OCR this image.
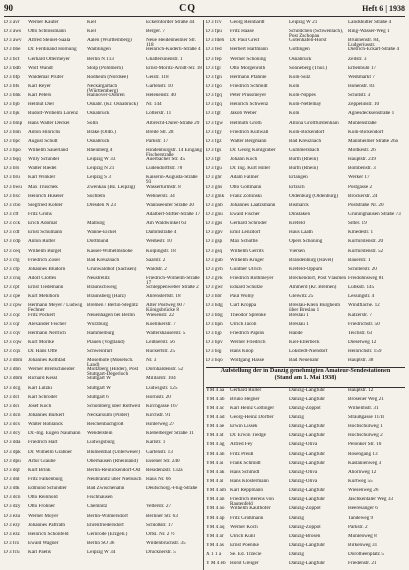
90	CQ	Heft 6 | 1938
D 3 avr	Werner Kauter	Kiel	Eckernförder Straße 44
D 3 aws	Otto Schlossmann	Kiel	Berger. 7
D 3 awv	Alfred Steinel-Saala	Aalen (Württemberg)	Neue Heidenheimer Str. 118
D 3 bbe	Dr. Ferdinand Hornung	Waiblingen	Heinrich-Küderli-Straße 4
D 3 bcf	Gerhard Ottermeyer	Berlin N 113	Ghattersinenstr. 1
D 3 bdb	Wolf Wandt	Stolp (Pommern)	Ernst-Moritz-Arndt-Str. 18
D 3 bfp	Waldemar Prüfer	Rodheim (Nordsee)	Geistr. 118
D 3 bfs	Karl Reyer	Neckargartach (Württemberg)
Gartenstr. 10
D 3 bhk	Karl Peters	Hannover-Döhren	Helenenstr. 40
D 3 bjb	Helmut Diel	Osnabr. (Kr. Osnabrück)	Nr. 144
D 3 bjk	Rudolf-Wilhelm Lorenz	Osnabrück	Lotterstr. 11
D 3 bmp	Hans Walter Deckel	Solln	Albrecht-Dürer-Straße 29
D 3 bnh	Anton Hinrichs	Brake (Oldb.)	Breite Str. 28
D 3 bpc	August Schütt	Osnabrück	Parkstr. 17
D 3 bpo	Wilhelm Sauerland	Rheinberg 4	Hindenburgstr. 14 Eingang Fischerstraße
D 3 bqq	Willy Schindel	Leipzig W 33	Auerbacher Str. 45
D 3 brs	Walter Riedel	Leipzig N 21	Ludendorffstr. 78
D 3 bru	Karl Winkler	Leipzig S 3	Kaiserin-Augusta-Straße 93
D 3 bwu	Max Truschek	Zwenkau (Bz. Leipzig)	Wasserturmstr. 8
D 3 bxc	Heinrich Hüseler	Süchteln	Wehnerstr. 34
D 3 cbo	Siegfried Köhler	Dresden N 23	Wannseeufer Straße 30
D 3 cff	Fritz Grohs	Adalbert-Stifter-Straße 17
D 3 cck	Erich Adomat	Malburg	Am Waldwinkel 63
D 3 cdf	Ernst Schumann	Wanne-Eickel	Dammstraße 4
D 3 cdp	Anton Rütter	Dortmund	Weißestr. 10
D 3 ceq	Wilhelm Bürgel	Kassel-Wilhelmshöhe	Kolpingstr. 18
D 3 cfg	Friedrich Zosel	Bad Kreuznach	Saarstr. 2
D 3 cfp	Johannes Blüdorn	Grünwaldhof (Sachsen)	Waldstr. 2
D 3 cnq	Adolf Clottes	Neustrelitz	Friedrich-Wilhelm-Straße 17
D 3 cpt	Ernst Tiedemann	Braunschweig	Schleppenweber Straße 2
D 3 cpe	Kurt Mehlhorn	Braunsberg (Harz)	Ahrenstertstr. 18
D 3 cpw	Hermann Meyer / Ludwig Fechner
Bremen / Berlin-Steglitz	Alter Postweg 60 / Königsbrücke 8
D 3 cqc	Fritz Pockert	Neuenhagen bei Berlin	Wiesenstr. 22
D 3 cqr	Alexander Fischer	Würzburg	Koellikerstr. 7
D 3 cqv	Hermann Nerrlich	Hammelburg	Waltershäuserstr. 5
D 3 cqw	Kurt Mörike	Plauen (Vogtland)	Leißnerstr. 56
D 3 cqx	Dr. Hans Offe	Schweinfurt	Rückertstr. 25
D 3 dbm	Johannes Kothfad	Moselhofe (Moselsch. Land)
Nr. 3
D 3 dbn	Werner Breitschneider	Moltzberg (Hilder), Post Stuttgart-Degerloch
Dornhaldenstr. 52
D 3 dbm	Richard Kessl	Stuttgart W	Militärstr. 104
D 3 dcg	Karl Lutzki	Stuttgart W	Ludwigstr. 125
D 3 dcl	Karl Schröder	Stuttgart 6	Hornistr. 20
D 3 dci	Josef Koch	Schömberg über Rottweil	Kirchgasse 167
D 3 dcn	Johannes Burkert	Neckarsulm (Pilder)	Kirchstr. 91
D 3 dcs	Walter Rohlanck	Reichenbachgroß	Hinterweg 27
D 3 dcy	Dr.-Ing. Eugen Naumann	Wendelstein	Klebelberger Straße 11
D 3 dda	Friedrich Hart	Ludwigsburg	Karlstr. 1
D 3 dpk	Dr. Wilhelm Gräbner	Blumenthal (Unterweser)	Gartenstr. 13
D 3 dpu	Artur Glaube	Oberhausen (Rheinland)	Essener Str. 240
D 3 dqf	Kurt Brink	Berlin-Reinickendorf-Ost	Residenzstr. 132a
D 3 dnt	Fritz Falkenburg	Neubranitz über Niebusch Haus Nr. 66
D 3 dtk	Edmund Schindler	Bad Zwischenahn	Deutschorg.-Flug-Straße
D 3 dcn	Otto Reinhold	Fischhausen
D 3 dzy	Otto Fröhner	Chemnitz	Vetterstr. 27
D 3 ezu	Werner Moyer	Berlin-Wilmersdorf	Berliner Str. 63
D 3 ezy	Johannes Paffrath	Ehrenfriedersdorf	Schloßstr. 17
D 3 ezz	Heinrich Schönfeld	Gernrode (Erzgeb.)	Ortsl. Nr. 2 ½
D 3 fcs	Ewald Wagner	Berlin SO 36	Wildenbruchstr. 35
D 3 fcu	Karl Paetis	Leipzig W 34	Drucknerstr. 5
D 3 fcv	Georg Reinhardt	Leipzig W 21	Landshutter Straße 4
D 3 fpu	Fritz Haase	Schildchen (Schwentach), Post Zschopau
Ring-Wasser-Weg 1
D 3 fdeh	Dr. Paul Greif	Gotenhafen-Horst	Brunnenstr. 84, Ludgeriusstr.
D 3 fed	Herbert Hartmann	Göttingen	Dietrich-Eckart-Straße 4
D 3 fep	Werner Schöning	Osnabrück	Zeitstr. 3
D 3 fgl	Otto Morgenroth	Sonneberg (Thür.)	Erbenbühl 17
D 3 fgn	Hermann Pfahnle	Köln-Sülz	Weißmarkt 7
D 3 fgo	Friedrich Schmidt	Köln	Hohenstr. 83
D 3 fgq	Peter Prussmeyer	Köln-Nippes	Schillstr. 3
D 3 fgq	Heinrich Schwenz	Köln-Nettelbay	Zeppelinstr. 10
D 3 fgt	Jakob Weber	Köln	Agnesdecksenstraße 1
D 3 fgw	Helmuth Groth	Altona Grottfürstenhain	Mühlenstraße
D 3 fgy	Friedrich Kullwall	Köln-Bickendorf	Köln-Bickendorf
D 3 fgz	Walter Bergmann	Bad Kreuznach	Mannheimer Straße 26a
D 3 fgs	Dr. Georg Kohlgraber	Gummersbach	Moltkestr. 26
D 3 fgt	Johann Koch	Bürth (Rhein)	Hauptstr. 239
D 3 fgu	Dr. Ing. Kurt Hiller	Bürth (Rhein)	Bombenstr. 3
D 3 ghr	Adam Fällner	Erlangen	Werker 17
D 3 ghs	Otto Goltmann	Ertzsch	Postgasse 2
D 3 gmk	Franz Zollinski	Oldenburg (Oldenburg)	Bröckerstr. 24
D 3 gnb	Johannes Laatzsmann	Bismarck	Poststraße Nr. 20
D 3 gnu	Ewald Fischer	Dinslaken	Grüninghausen Straße 73
D 3 gps	Gerhard Schröder	Krefeld	Sitter. 19
D 3 gpv	Emil Lenzdorf	Haus Laath	Kmedestr. 1
D 3 gsp	Max Schöttle	Opers Schöning	Kurfürstenstr. 20
D 3 gsq	Wilhelm Gerrits	Viersen	Kurfürstenstr. 52
D 3 gub	Wilhelm Krüger	Brandenburg (Havel)	Bauerstr. 1
D 3 gvh	Günther Ulrich	Krefeld-Oppum	Schillerstr. 20
D 3 gvk	Friedrich Rothmeyer	Breckendorf, Post Vlasmen Freidohnsweg 81
D 3 gwr	Eduard Schütze	Ammerd (Kr. Bremen)	Lübkstr. 145
D 3 hbr	Paul Wolny	Gleiwitz 25	Lessingstr. 4
D 3 hdg	Curt Kroppa	Breslau-Klein Burgheim über Breslau 1
Windfläche. 12
D 3 hbg	Theodor Sprenke	Breslau 1	Katzerstr. 7
D 3 hpn	Ulrich Jacob	Breslau 1	Friedrichstr. 50
D 3 hjp	Friedrich Papins	Hande	Teichstr. 63
D 3 hpv	Werner Friedrich	Kiel-Ellerbeck	Dieselweg 12
D 3 hqj	Hans Knop	Lokstedt-Niendorf	Heinrichstr. 159
D 3 hqo	Wolfgang Hasse	Bad Neuenahr	Hauptstr. 38
Aufstellung der in Danzig genehmigten Amateur-Sendestationen
(Stand am 1. Mai 1938)
YM 4 aa	Gerhard Rüller	Danzig-Langfuhr	Hauptstr. 12
YM 4 ab	Bruno Hegner	Danzig-Langfuhr	Brösener Weg 21
YM 4 ac	Karl Heinz Göttinger	Danzig-Zoppot	Wilhelmstr. 31
YM 4 ad	Georg-Heinz Dorfler	Danzig	Straußgasse 11/II
YM 4 ae	Erwin Lissek	Danzig-Langfuhr	Hochschulweg 1
YM 4 af	Dr. Erwin Tiedge	Danzig-Langfuhr	Hochschulweg 2
YM 4 ag	Alfred Fey	Danzig-Oliva	Pelonker Str. 10
YM 4 ah	Fritz Preuß	Danzig-Langfuhr	Rosengang 13
YM 4 ai	Frank Schmidt	Danzig-Langfuhr	Kastanienweg 3
YM 4 ak	Hans Schmidt	Danzig-Oliva	Ahornweg 12
YM 4 al	Hans Klostermann	Danzig-Oliva	Kurtweg 55
YM 4 am Karl Reppmann	Danzig-Langfuhr	Wiesenweg 26
YM 4 an	Friedrich Berens von Rautenfeld
Danzig-Langfuhr	Jäschkentaler Weg 33
YM 4 ao	Wilhelm Kaufhofer	Danzig-Zoppot	Heeresanger 6
YM 4 ap	Fritz Großmann	Danzig	Tandeweg 9
YM 4 aq	Werner Koch	Danzig-Zoppot	Parkstr. 2
YM 4 ar	Ulrich Kühl	Danzig-Brösen	Mühlenweg 8
YM 4 as	Ernst Poenike	Danzig-Langfuhr	Birkenweg 31
X 1 1 a	Se. Ed. Trzecie	Danzig	Dorotheenplatz 5
Y M 4 eb Horst Greiger	Danzig-Langfuhr	Friedenstr. 21
